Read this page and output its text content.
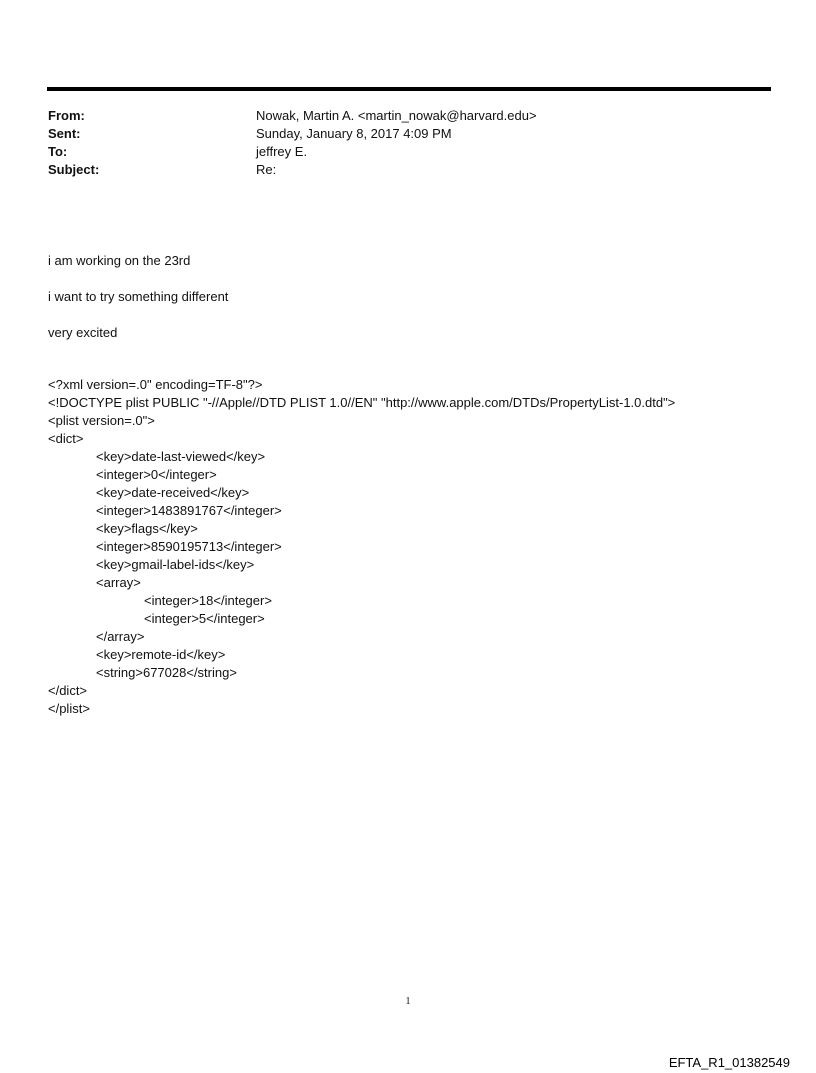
From:	Nowak, Martin A. <martin_nowak@harvard.edu>
Sent:	Sunday, January 8, 2017 4:09 PM
To:	jeffrey E.
Subject:	Re:

i am working on the 23rd

i want to try something different

very excited

<?xml version=.0" encoding=TF-8"?>
<!DOCTYPE plist PUBLIC "-//Apple//DTD PLIST 1.0//EN" "http://www.apple.com/DTDs/PropertyList-1.0.dtd">
<plist version=.0">
<dict>
<key>date-last-viewed</key>
<integer>0</integer>
<key>date-received</key>
<integer>1483891767</integer>
<key>flags</key>
<integer>8590195713</integer>
<key>gmail-label-ids</key>
<array>
<integer>18</integer>
<integer>5</integer>
</array>
<key>remote-id</key>
<string>677028</string>
</dict>
</plist>
1
EFTA_R1_01382549
